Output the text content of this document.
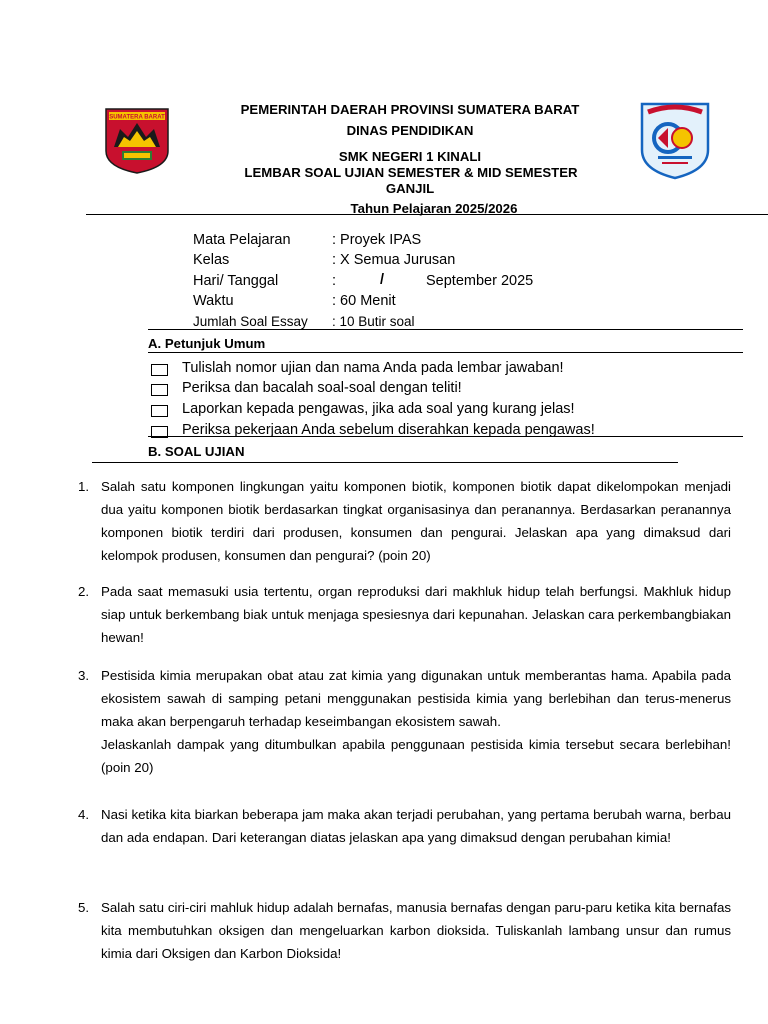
SUMATERA BARAT
PEMERINTAH DAERAH PROVINSI SUMATERA BARAT
DINAS PENDIDIKAN
SMK NEGERI 1 KINALI
LEMBAR SOAL UJIAN SEMESTER & MID SEMESTER
GANJIL
Tahun Pelajaran 2025/2026
Mata Pelajaran	: Proyek IPAS
Kelas	: X Semua Jurusan
Hari/ Tanggal	:	/	September 2025
Waktu	: 60 Menit
Jumlah Soal Essay : 10 Butir soal
A. Petunjuk Umum
Tulislah nomor ujian dan nama Anda pada lembar jawaban!
Periksa dan bacalah soal-soal dengan teliti!
Laporkan kepada pengawas, jika ada soal yang kurang jelas!
Periksa pekerjaan Anda sebelum diserahkan kepada pengawas!
B. SOAL UJIAN
1. Salah satu komponen lingkungan yaitu komponen biotik, komponen biotik dapat dikelompokan menjadi dua yaitu komponen biotik berdasarkan tingkat organisasinya dan peranannya. Berdasarkan peranannya komponen biotik terdiri dari produsen, konsumen dan pengurai. Jelaskan apa yang dimaksud dari kelompok produsen, konsumen dan pengurai? (poin 20)
2. Pada saat memasuki usia tertentu, organ reproduksi dari makhluk hidup telah berfungsi. Makhluk hidup siap untuk berkembang biak untuk menjaga spesiesnya dari kepunahan. Jelaskan cara perkembangbiakan hewan!
3. Pestisida kimia merupakan obat atau zat kimia yang digunakan untuk memberantas hama. Apabila pada ekosistem sawah di samping petani menggunakan pestisida kimia yang berlebihan dan terus-menerus maka akan berpengaruh terhadap keseimbangan ekosistem sawah.
Jelaskanlah dampak yang ditumbulkan apabila penggunaan pestisida kimia tersebut secara berlebihan! (poin 20)
4. Nasi ketika kita biarkan beberapa jam maka akan terjadi perubahan, yang pertama berubah warna, berbau dan ada endapan. Dari keterangan diatas jelaskan apa yang dimaksud dengan perubahan kimia!
5. Salah satu ciri-ciri mahluk hidup adalah bernafas, manusia bernafas dengan paru-paru ketika kita bernafas kita membutuhkan oksigen dan mengeluarkan karbon dioksida. Tuliskanlah lambang unsur dan rumus kimia dari Oksigen dan Karbon Dioksida!
